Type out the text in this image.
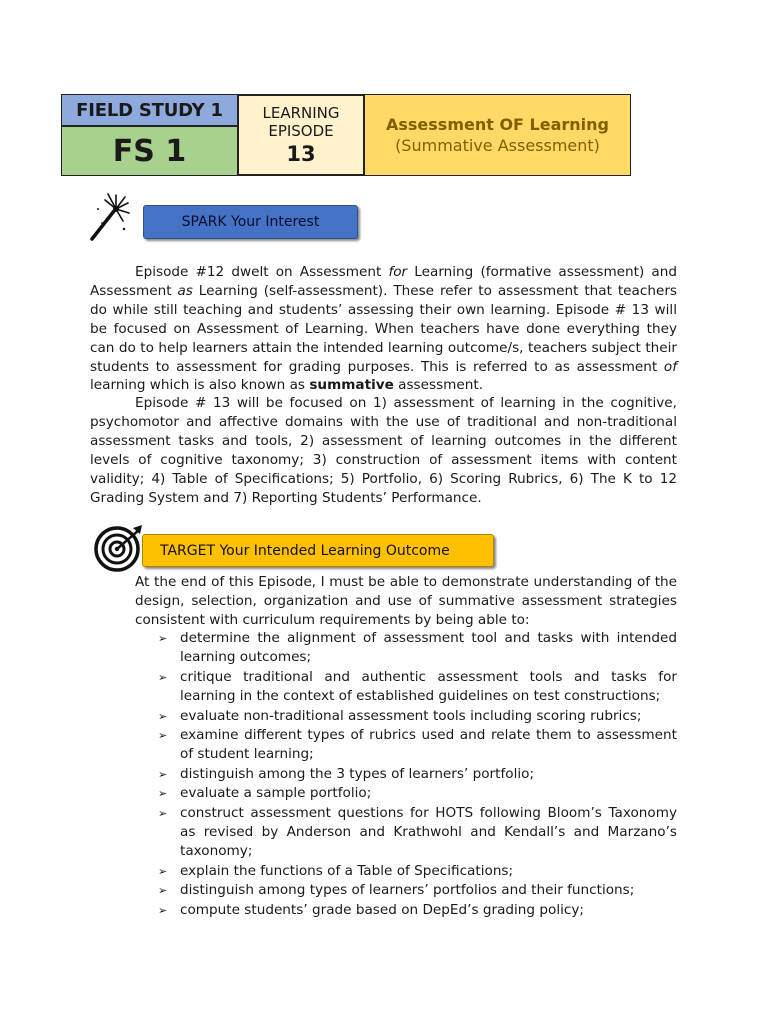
FIELD STUDY 1
FS 1
LEARNING
EPISODE
13
Assessment OF Learning
(Summative Assessment)
SPARK Your Interest
Episode #12 dwelt on Assessment for Learning (formative assessment) and Assessment as Learning (self-assessment). These refer to assessment that teachers do while still teaching and students’ assessing their own learning. Episode # 13 will be focused on Assessment of Learning. When teachers have done everything they can do to help learners attain the intended learning outcome/s, teachers subject their students to assessment for grading purposes. This is referred to as assessment of learning which is also known as summative assessment.
Episode # 13 will be focused on 1) assessment of learning in the cognitive, psychomotor and affective domains with the use of traditional and non-traditional assessment tasks and tools, 2) assessment of learning outcomes in the different levels of cognitive taxonomy; 3) construction of assessment items with content validity; 4) Table of Specifications; 5) Portfolio, 6) Scoring Rubrics, 6) The K to 12 Grading System and 7) Reporting Students’ Performance.
TARGET Your Intended Learning Outcome
At the end of this Episode, I must be able to demonstrate understanding of the design, selection, organization and use of summative assessment strategies consistent with curriculum requirements by being able to:
➢ determine the alignment of assessment tool and tasks with intended learning outcomes;
➢ critique traditional and authentic assessment tools and tasks for learning in the context of established guidelines on test constructions;
➢ evaluate non-traditional assessment tools including scoring rubrics;
➢ examine different types of rubrics used and relate them to assessment of student learning;
➢ distinguish among the 3 types of learners’ portfolio;
➢ evaluate a sample portfolio;
➢ construct assessment questions for HOTS following Bloom’s Taxonomy as revised by Anderson and Krathwohl and Kendall’s and Marzano’s taxonomy;
➢ explain the functions of a Table of Specifications;
➢ distinguish among types of learners’ portfolios and their functions;
➢ compute students’ grade based on DepEd’s grading policy;
